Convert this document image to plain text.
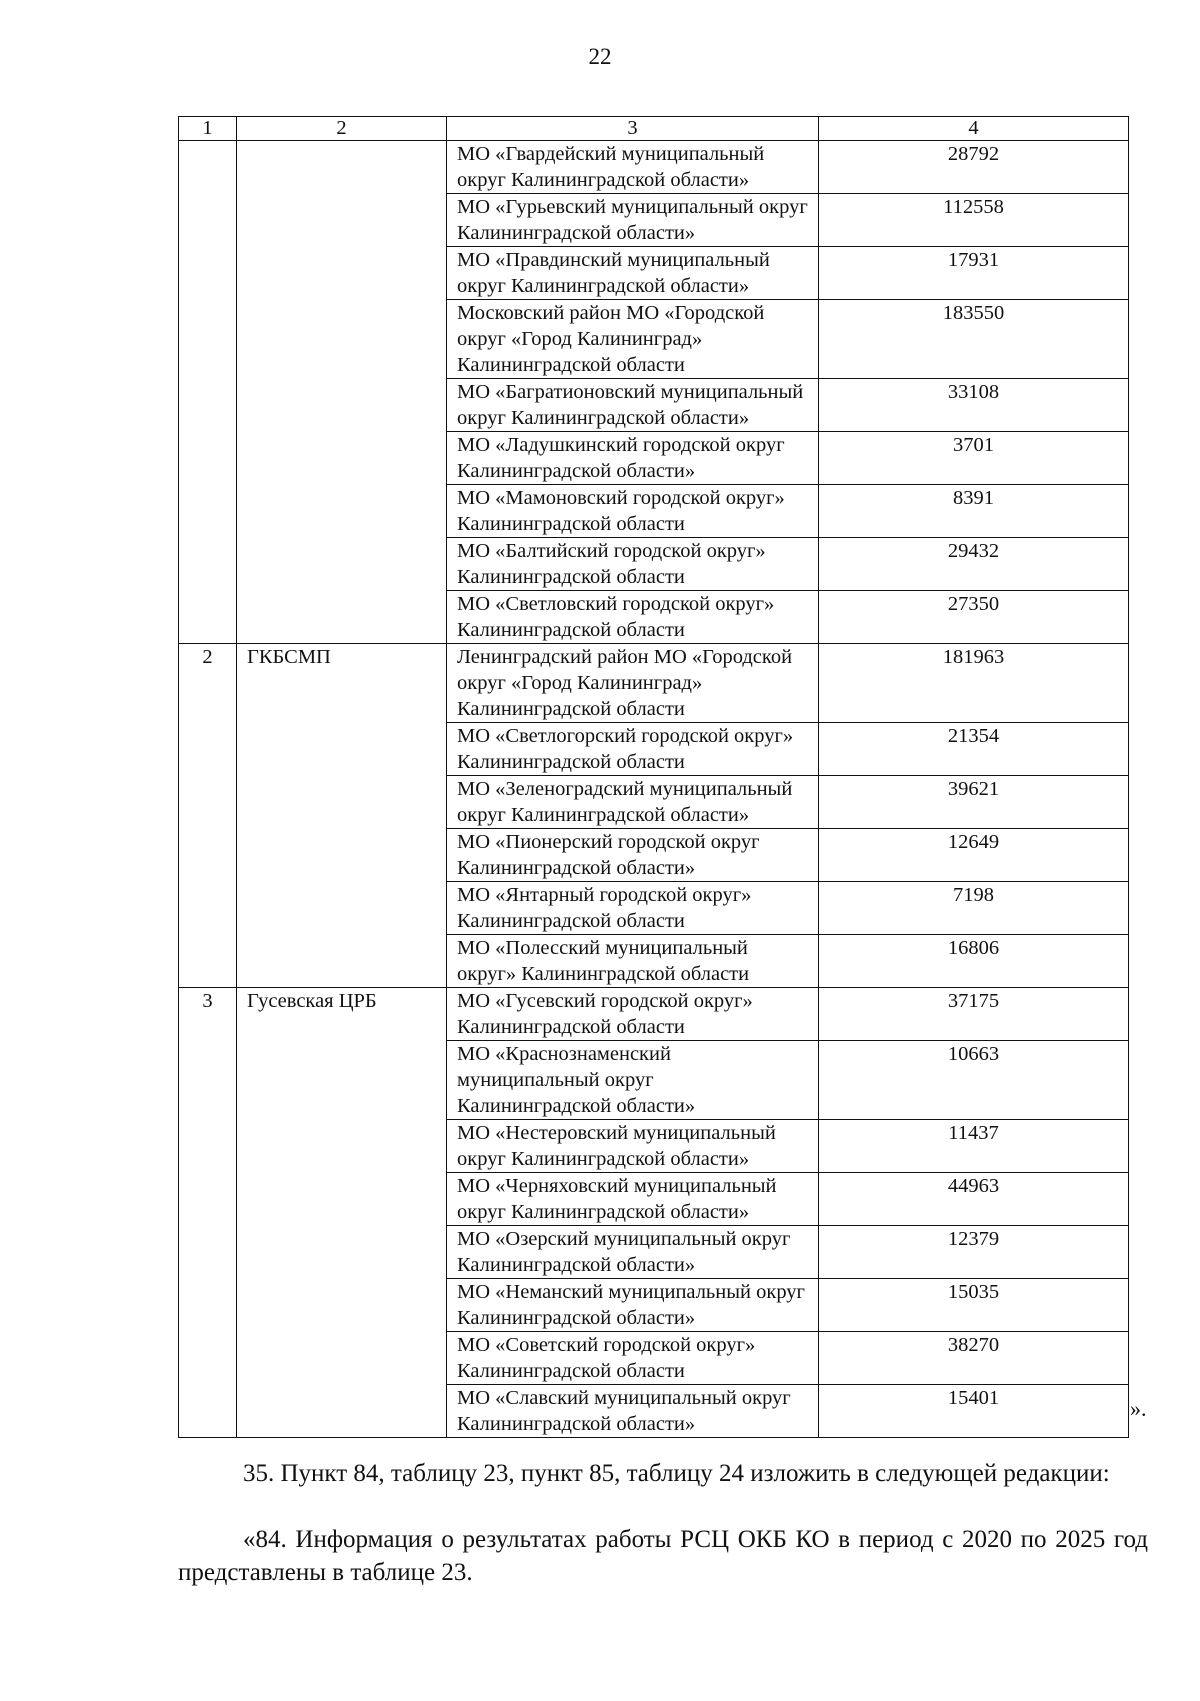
22
1	2	3	4
		МО «Гвардейский муниципальный округ Калининградской области»	28792
		МО «Гурьевский муниципальный округ Калининградской области»	112558
		МО «Правдинский муниципальный округ Калининградской области»	17931
		Московский район МО «Городской округ «Город Калининград» Калининградской области	183550
		МО «Багратионовский муниципальный округ Калининградской области»	33108
		МО «Ладушкинский городской округ Калининградской области»	3701
		МО «Мамоновский городской округ» Калининградской области	8391
		МО «Балтийский городской округ» Калининградской области	29432
		МО «Светловский городской округ» Калининградской области	27350
2	ГКБСМП	Ленинградский район МО «Городской округ «Город Калининград» Калининградской области	181963
		МО «Светлогорский городской округ» Калининградской области	21354
		МО «Зеленоградский муниципальный округ Калининградской области»	39621
		МО «Пионерский городской округ Калининградской области»	12649
		МО «Янтарный городской округ» Калининградской области	7198
		МО «Полесский муниципальный округ» Калининградской области	16806
3	Гусевская ЦРБ	МО «Гусевский городской округ» Калининградской области	37175
		МО «Краснознаменский муниципальный округ Калининградской области»	10663
		МО «Нестеровский муниципальный округ Калининградской области»	11437
		МО «Черняховский муниципальный округ Калининградской области»	44963
		МО «Озерский муниципальный округ Калининградской области»	12379
		МО «Неманский муниципальный округ Калининградской области»	15035
		МО «Советский городской округ» Калининградской области	38270
		МО «Славский муниципальный округ Калининградской области»	15401	».

35. Пункт 84, таблицу 23, пункт 85, таблицу 24 изложить в следующей редакции:

«84. Информация о результатах работы РСЦ ОКБ КО в период с 2020 по 2025 год представлены в таблице 23.
